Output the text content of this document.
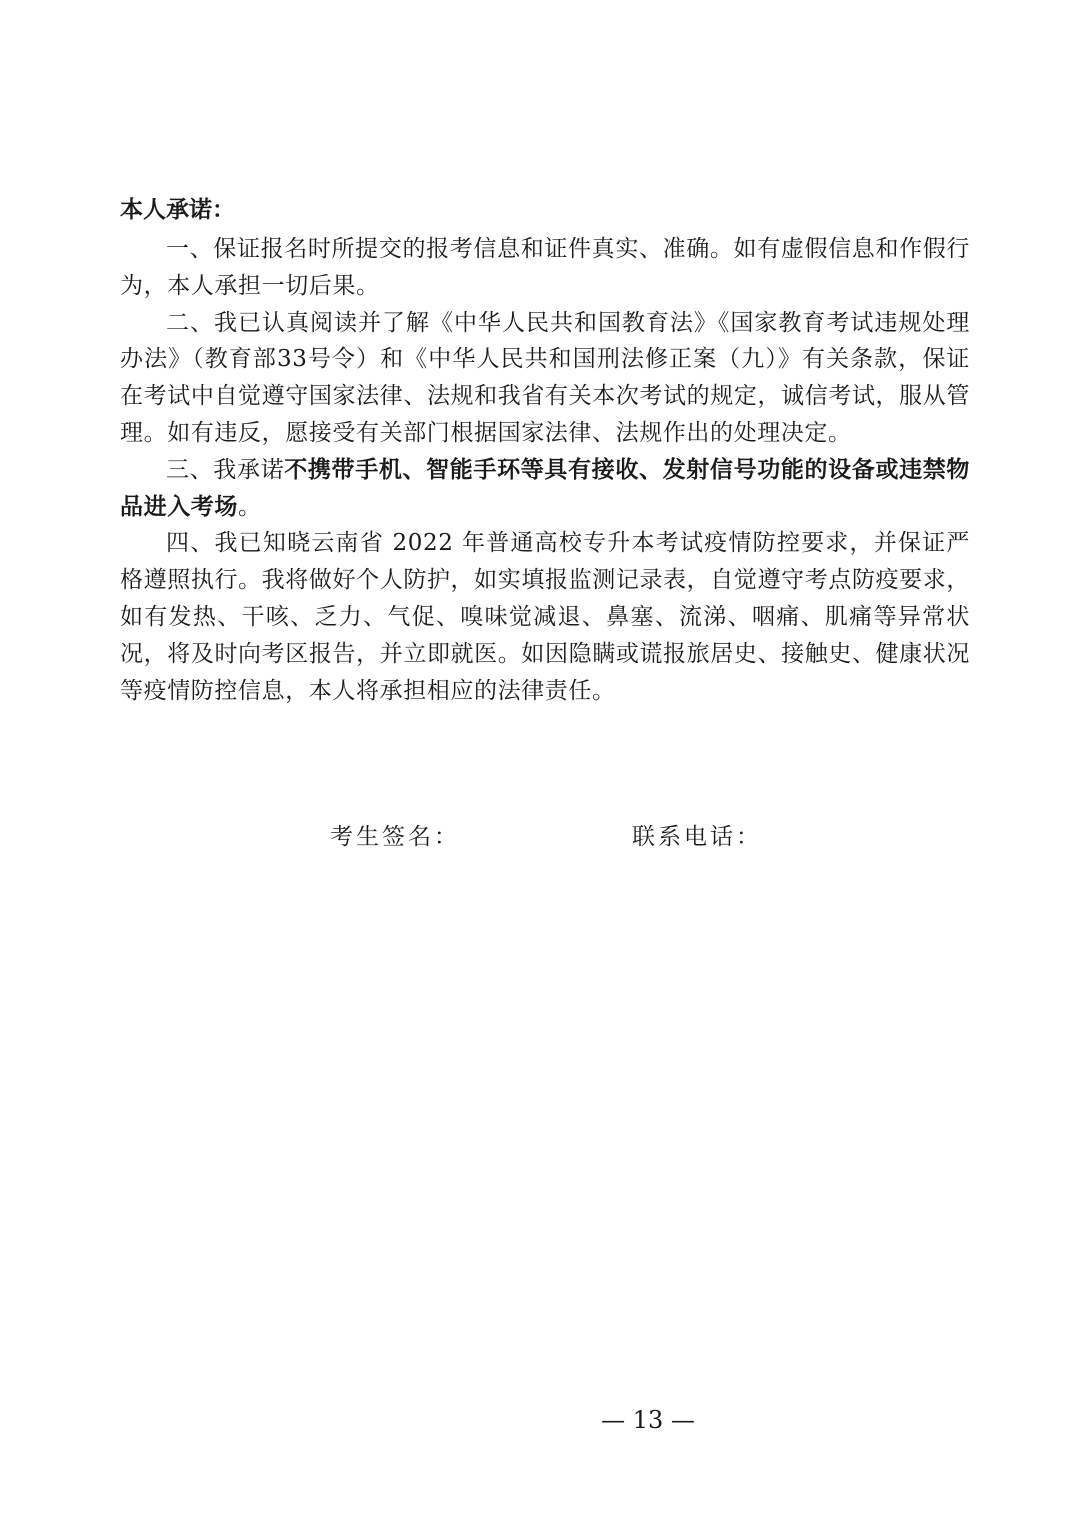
本人承诺：

一、保证报名时所提交的报考信息和证件真实、准确。如有虚假信息和作假行为，本人承担一切后果。

二、我已认真阅读并了解《中华人民共和国教育法》《国家教育考试违规处理办法》（教育部33号令）和《中华人民共和国刑法修正案（九）》有关条款，保证在考试中自觉遵守国家法律、法规和我省有关本次考试的规定，诚信考试，服从管理。如有违反，愿接受有关部门根据国家法律、法规作出的处理决定。

三、我承诺不携带手机、智能手环等具有接收、发射信号功能的设备或违禁物品进入考场。

四、我已知晓云南省 2022 年普通高校专升本考试疫情防控要求，并保证严格遵照执行。我将做好个人防护，如实填报监测记录表，自觉遵守考点防疫要求，如有发热、干咳、乏力、气促、嗅味觉减退、鼻塞、流涕、咽痛、肌痛等异常状况，将及时向考区报告，并立即就医。如因隐瞒或谎报旅居史、接触史、健康状况等疫情防控信息，本人将承担相应的法律责任。

考生签名：	联系电话：
— 13 —
